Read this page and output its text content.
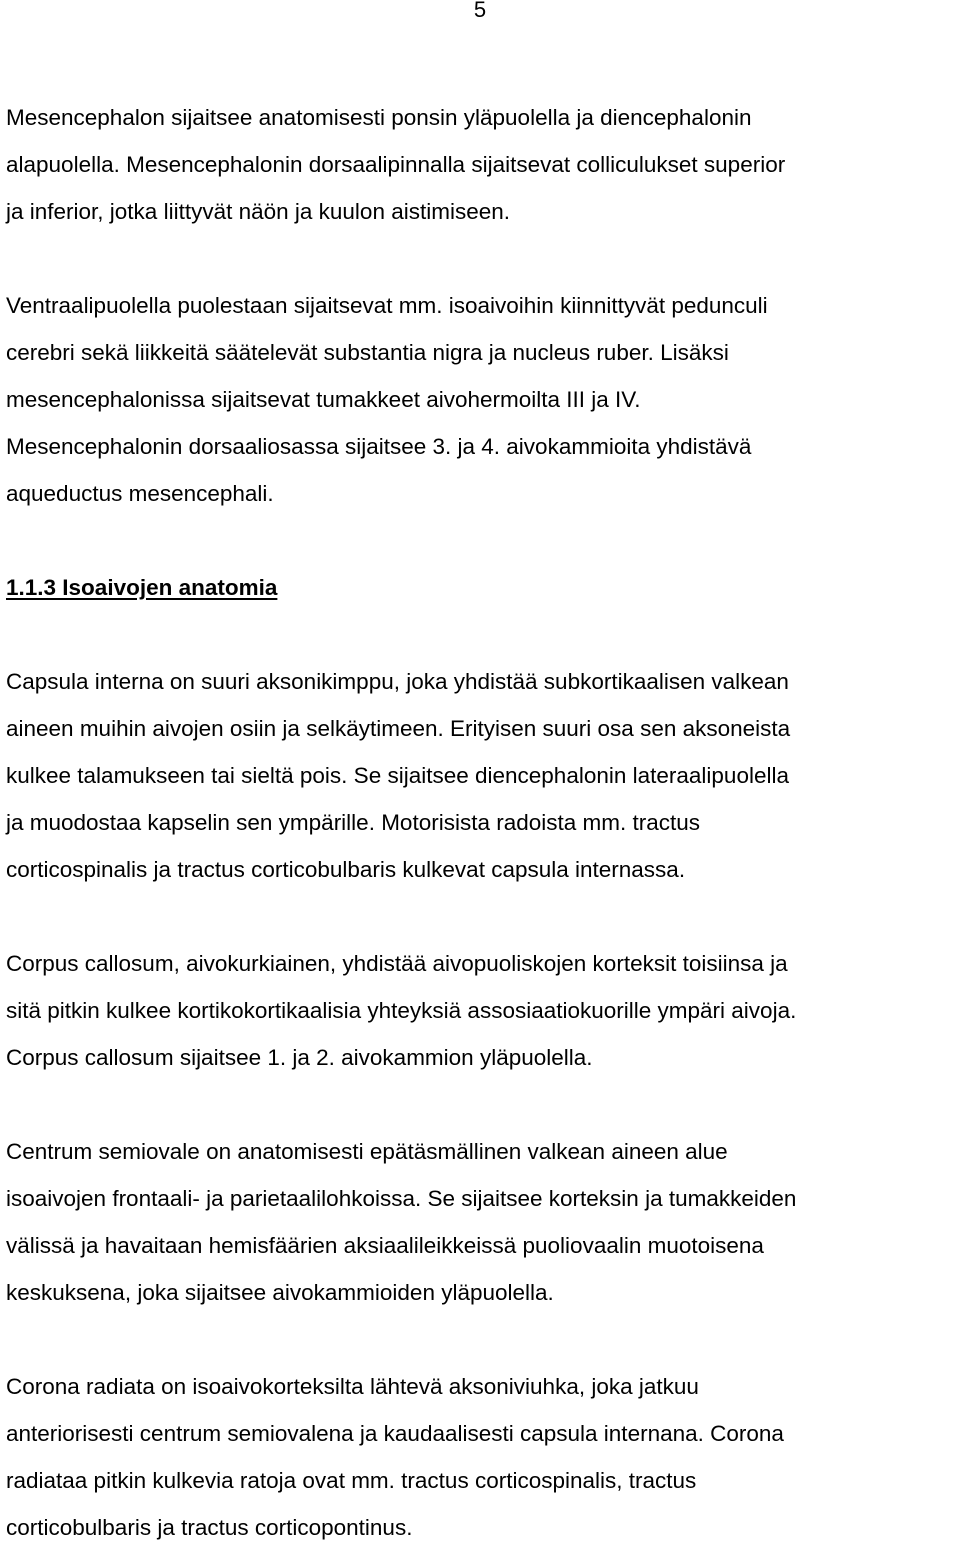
5

Mesencephalon sijaitsee anatomisesti ponsin yläpuolella ja diencephalonin
alapuolella. Mesencephalonin dorsaalipinnalla sijaitsevat colliculukset superior
ja inferior, jotka liittyvät näön ja kuulon aistimiseen.

Ventraalipuolella puolestaan sijaitsevat mm. isoaivoihin kiinnittyvät pedunculi
cerebri sekä liikkeitä säätelevät substantia nigra ja nucleus ruber. Lisäksi
mesencephalonissa sijaitsevat tumakkeet aivohermoilta III ja IV.
Mesencephalonin dorsaaliosassa sijaitsee 3. ja 4. aivokammioita yhdistävä
aqueductus mesencephali.

1.1.3 Isoaivojen anatomia

Capsula interna on suuri aksonikimppu, joka yhdistää subkortikaalisen valkean
aineen muihin aivojen osiin ja selkäytimeen. Erityisen suuri osa sen aksoneista
kulkee talamukseen tai sieltä pois. Se sijaitsee diencephalonin lateraalipuolella
ja muodostaa kapselin sen ympärille. Motorisista radoista mm. tractus
corticospinalis ja tractus corticobulbaris kulkevat capsula internassa.

Corpus callosum, aivokurkiainen, yhdistää aivopuoliskojen korteksit toisiinsa ja
sitä pitkin kulkee kortikokortikaalisia yhteyksiä assosiaatiokuorille ympäri aivoja.
Corpus callosum sijaitsee 1. ja 2. aivokammion yläpuolella.

Centrum semiovale on anatomisesti epätäsmällinen valkean aineen alue
isoaivojen frontaali- ja parietaalilohkoissa. Se sijaitsee korteksin ja tumakkeiden
välissä ja havaitaan hemisfäärien aksiaalileikkeissä puoliovaalin muotoisena
keskuksena, joka sijaitsee aivokammioiden yläpuolella.

Corona radiata on isoaivokorteksilta lähtevä aksoniviuhka, joka jatkuu
anteriorisesti centrum semiovalena ja kaudaalisesti capsula internana. Corona
radiataa pitkin kulkevia ratoja ovat mm. tractus corticospinalis, tractus
corticobulbaris ja tractus corticopontinus.
